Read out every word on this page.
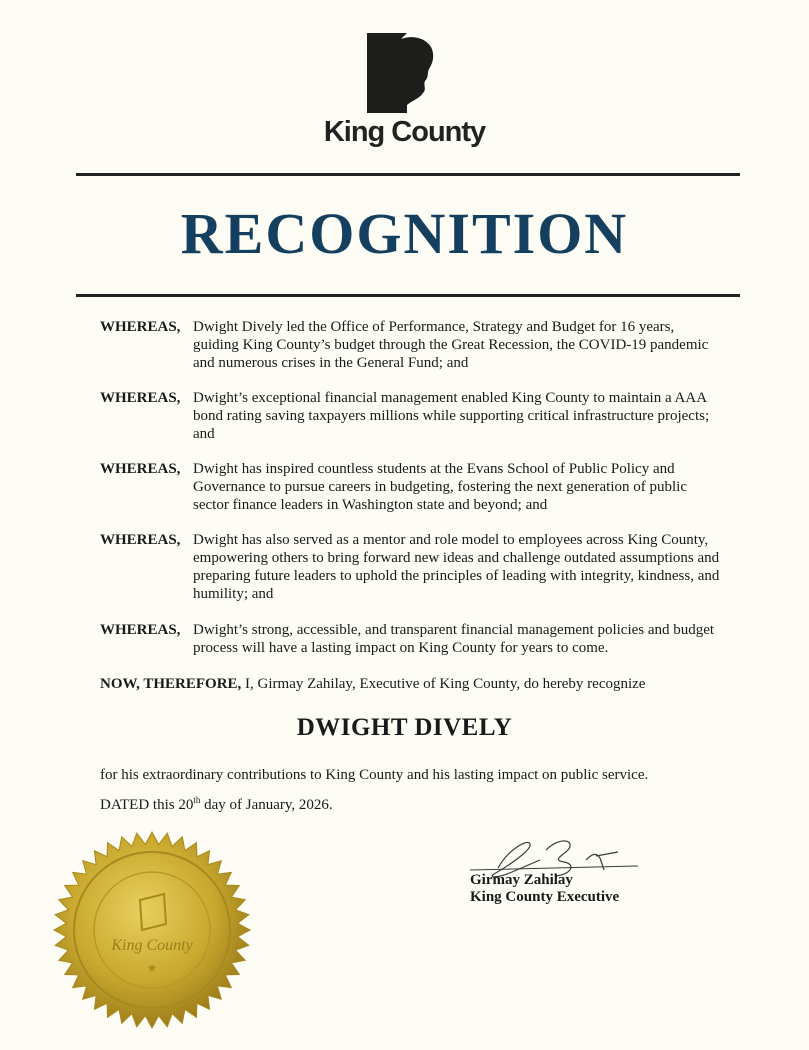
King County
RECOGNITION
WHEREAS, Dwight Dively led the Office of Performance, Strategy and Budget for 16 years, guiding King County’s budget through the Great Recession, the COVID-19 pandemic and numerous crises in the General Fund; and
WHEREAS, Dwight’s exceptional financial management enabled King County to maintain a AAA bond rating saving taxpayers millions while supporting critical infrastructure projects; and
WHEREAS, Dwight has inspired countless students at the Evans School of Public Policy and Governance to pursue careers in budgeting, fostering the next generation of public sector finance leaders in Washington state and beyond; and
WHEREAS, Dwight has also served as a mentor and role model to employees across King County, empowering others to bring forward new ideas and challenge outdated assumptions and preparing future leaders to uphold the principles of leading with integrity, kindness, and humility; and
WHEREAS, Dwight’s strong, accessible, and transparent financial management policies and budget process will have a lasting impact on King County for years to come.
NOW, THEREFORE, I, Girmay Zahilay, Executive of King County, do hereby recognize
DWIGHT DIVELY
for his extraordinary contributions to King County and his lasting impact on public service.
DATED this 20th day of January, 2026.
King County
★
Girmay Zahilay
King County Executive
